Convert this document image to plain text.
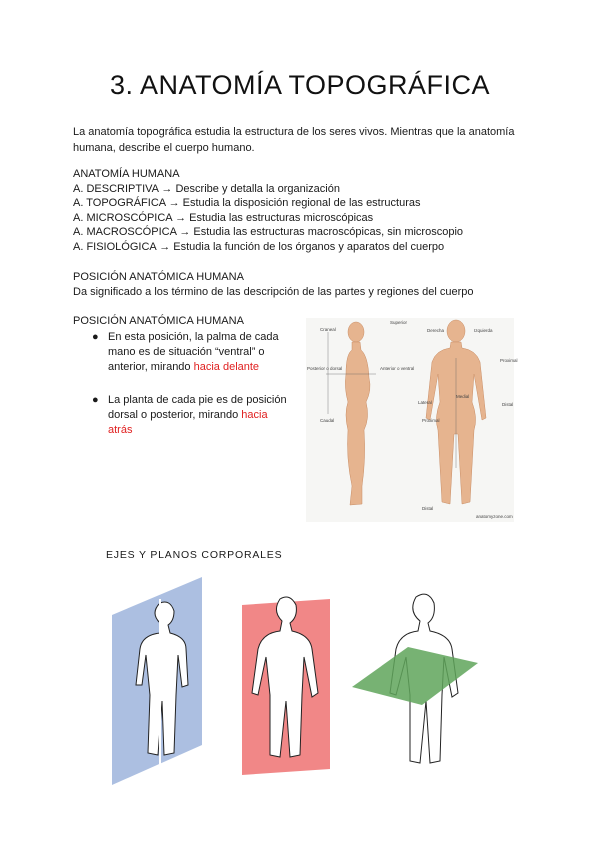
3. ANATOMÍA TOPOGRÁFICA
La anatomía topográfica estudia la estructura de los seres vivos. Mientras que la anatomía
humana, describe el cuerpo humano.
ANATOMÍA HUMANA
A. DESCRIPTIVA → Describe y detalla la organización
A. TOPOGRÁFICA → Estudia la disposición regional de las estructuras
A. MICROSCÓPICA → Estudia las estructuras microscópicas
A. MACROSCÓPICA → Estudia las estructuras macroscópicas, sin microscopio
A. FISIOLÓGICA → Estudia la función de los órganos y aparatos del cuerpo
POSICIÓN ANATÓMICA HUMANA
Da significado a los término de las descripción de las partes y regiones del cuerpo
POSICIÓN ANATÓMICA HUMANA
● En esta posición, la palma de cada mano es de situación “ventral” o anterior, mirando hacia delante
● La planta de cada pie es de posición dorsal o posterior, mirando hacia atrás
Craneal
Superior
Derecha	Izquierda
Posterior o dorsal	Anterior o ventral
Proximal
Lateral
Medial
Caudal	Proximal
Distal
Distal
anatomyzone.com
EJES Y PLANOS CORPORALES
